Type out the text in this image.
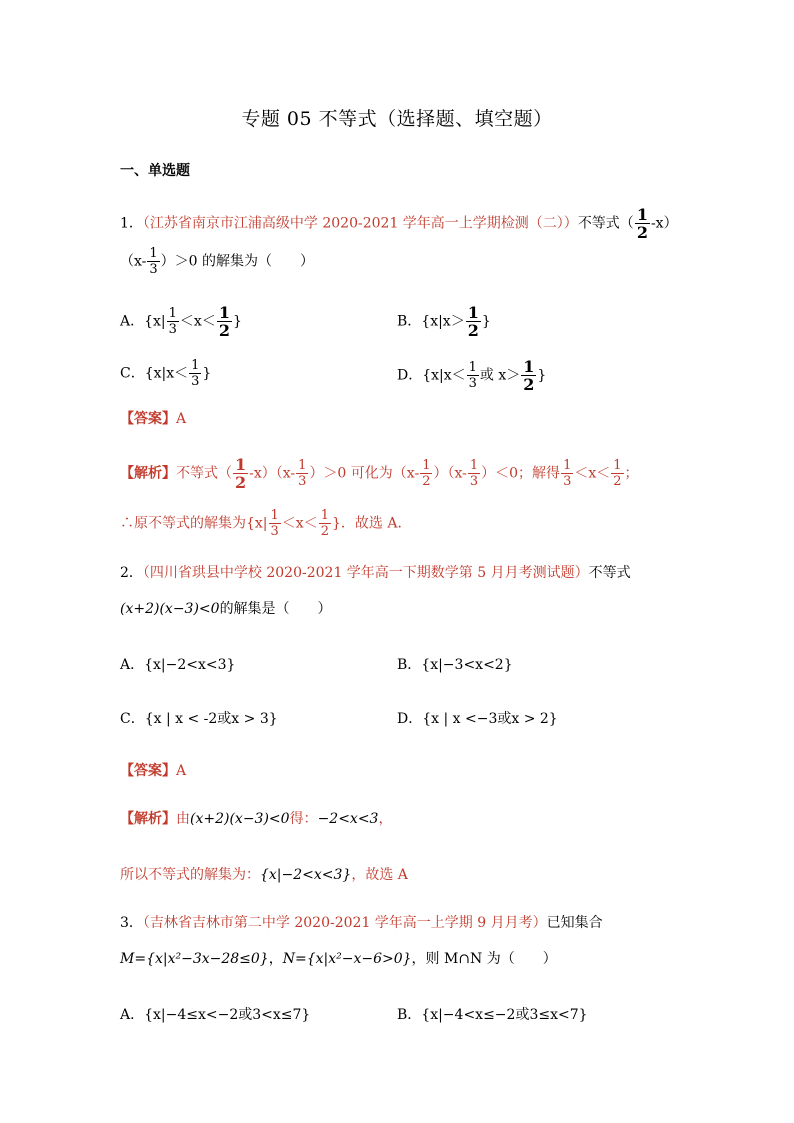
专题 05 不等式（选择题、填空题）
一、单选题
1．（江苏省南京市江浦高级中学 2020-2021 学年高一上学期检测（二））不等式（ $\frac{1}{2} -x$）
$(x- \frac{1}{3} )>0$ 的解集为（　　）
A．{$x| \frac{1}{3} <x< \frac{1}{2}$ }	B．{$x|x> \frac{1}{2}$ }
C．{$x|x< \frac{1}{3}$ }	D．{$x|x< \frac{1}{3}$ 或 $x> \frac{1}{2}$ }
【答案】A
【解析】不等式（ $\frac{1}{2} -x)(x- \frac{1}{3} )>0$ 可化为$(x- \frac{1}{2} )(x- \frac{1}{3} )<0$；解得 $\frac{1}{3} <x< \frac{1}{2}$ ；
∴原不等式的解集为{$x| \frac{1}{3} <x< \frac{1}{2}$ }．故选 A．
2．（四川省珙县中学校 2020-2021 学年高一下期数学第 5 月月考测试题）不等式
(x+2)(x−3)<0的解集是（　　）
A．{x|−2<x<3}	B．{x|−3<x<2}
C．{x | x < -2或x > 3}	D．{x | x <−3或x > 2}
【答案】A
【解析】由(x+2)(x−3)<0得：−2<x<3，
所以不等式的解集为：{x|−2<x<3}，故选 A
3．（吉林省吉林市第二中学 2020-2021 学年高一上学期 9 月月考）已知集合
M={x|x²−3x−28≤0}，N={x|x²−x−6>0}，则 M∩N 为（　　）
A．{x|−4≤x<−2或3<x≤7}	B．{x|−4<x≤−2或3≤x<7}
